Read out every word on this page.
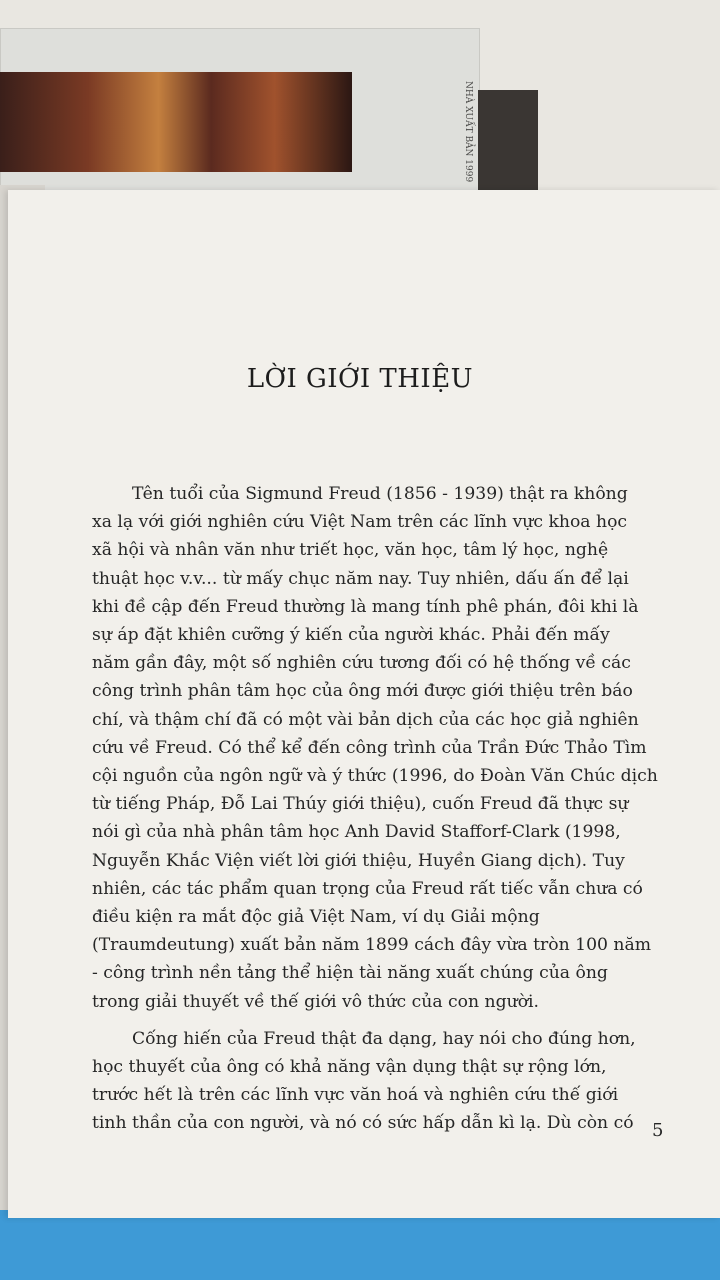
NHÀ XUẤT BẢN 1999
LỜI GIỚI THIỆU

Tên tuổi của Sigmund Freud (1856 - 1939) thật ra không
xa lạ với giới nghiên cứu Việt Nam trên các lĩnh vực khoa học
xã hội và nhân văn như triết học, văn học, tâm lý học, nghệ
thuật học v.v... từ mấy chục năm nay. Tuy nhiên, dấu ấn để lại
khi đề cập đến Freud thường là mang tính phê phán, đôi khi là
sự áp đặt khiên cưỡng ý kiến của người khác. Phải đến mấy
năm gần đây, một số nghiên cứu tương đối có hệ thống về các
công trình phân tâm học của ông mới được giới thiệu trên báo
chí, và thậm chí đã có một vài bản dịch của các học giả nghiên
cứu về Freud. Có thể kể đến công trình của Trần Đức Thảo Tìm
cội nguồn của ngôn ngữ và ý thức (1996, do Đoàn Văn Chúc dịch
từ tiếng Pháp, Đỗ Lai Thúy giới thiệu), cuốn Freud đã thực sự
nói gì của nhà phân tâm học Anh David Stafforf-Clark (1998,
Nguyễn Khắc Viện viết lời giới thiệu, Huyền Giang dịch). Tuy
nhiên, các tác phẩm quan trọng của Freud rất tiếc vẫn chưa có
điều kiện ra mắt độc giả Việt Nam, ví dụ Giải mộng
(Traumdeutung) xuất bản năm 1899 cách đây vừa tròn 100 năm
- công trình nền tảng thể hiện tài năng xuất chúng của ông
trong giải thuyết về thế giới vô thức của con người.

Cống hiến của Freud thật đa dạng, hay nói cho đúng hơn,
học thuyết của ông có khả năng vận dụng thật sự rộng lớn,
trước hết là trên các lĩnh vực văn hoá và nghiên cứu thế giới
tinh thần của con người, và nó có sức hấp dẫn kì lạ. Dù còn có	5
